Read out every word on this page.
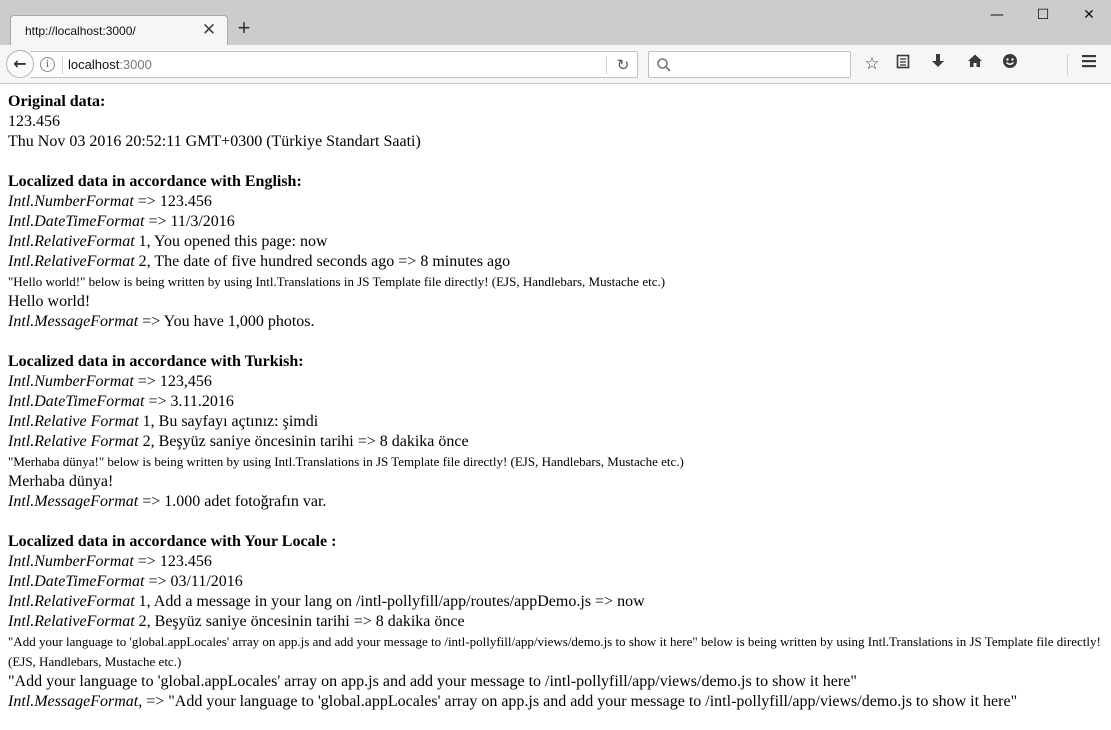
http://localhost:3000/	✕ +	—	☐	✕
i	localhost:3000	↻
←	☆
Original data:
123.456
Thu Nov 03 2016 20:52:11 GMT+0300 (Türkiye Standart Saati)
Localized data in accordance with English:
Intl.NumberFormat => 123.456
Intl.DateTimeFormat => 11/3/2016
Intl.RelativeFormat 1, You opened this page: now
Intl.RelativeFormat 2, The date of five hundred seconds ago => 8 minutes ago
"Hello world!" below is being written by using Intl.Translations in JS Template file directly! (EJS, Handlebars, Mustache etc.)
Hello world!
Intl.MessageFormat => You have 1,000 photos.
Localized data in accordance with Turkish:
Intl.NumberFormat => 123,456
Intl.DateTimeFormat => 3.11.2016
Intl.Relative Format 1, Bu sayfayı açtınız: şimdi
Intl.Relative Format 2, Beşyüz saniye öncesinin tarihi => 8 dakika önce
"Merhaba dünya!" below is being written by using Intl.Translations in JS Template file directly! (EJS, Handlebars, Mustache etc.)
Merhaba dünya!
Intl.MessageFormat => 1.000 adet fotoğrafın var.
Localized data in accordance with Your Locale :
Intl.NumberFormat => 123.456
Intl.DateTimeFormat => 03/11/2016
Intl.RelativeFormat 1, Add a message in your lang on /intl-pollyfill/app/routes/appDemo.js => now
Intl.RelativeFormat 2, Beşyüz saniye öncesinin tarihi => 8 dakika önce
"Add your language to 'global.appLocales' array on app.js and add your message to /intl-pollyfill/app/views/demo.js to show it here" below is being written by using Intl.Translations in JS Template file directly! (EJS, Handlebars, Mustache etc.)
"Add your language to 'global.appLocales' array on app.js and add your message to /intl-pollyfill/app/views/demo.js to show it here"
Intl.MessageFormat, => "Add your language to 'global.appLocales' array on app.js and add your message to /intl-pollyfill/app/views/demo.js to show it here"
